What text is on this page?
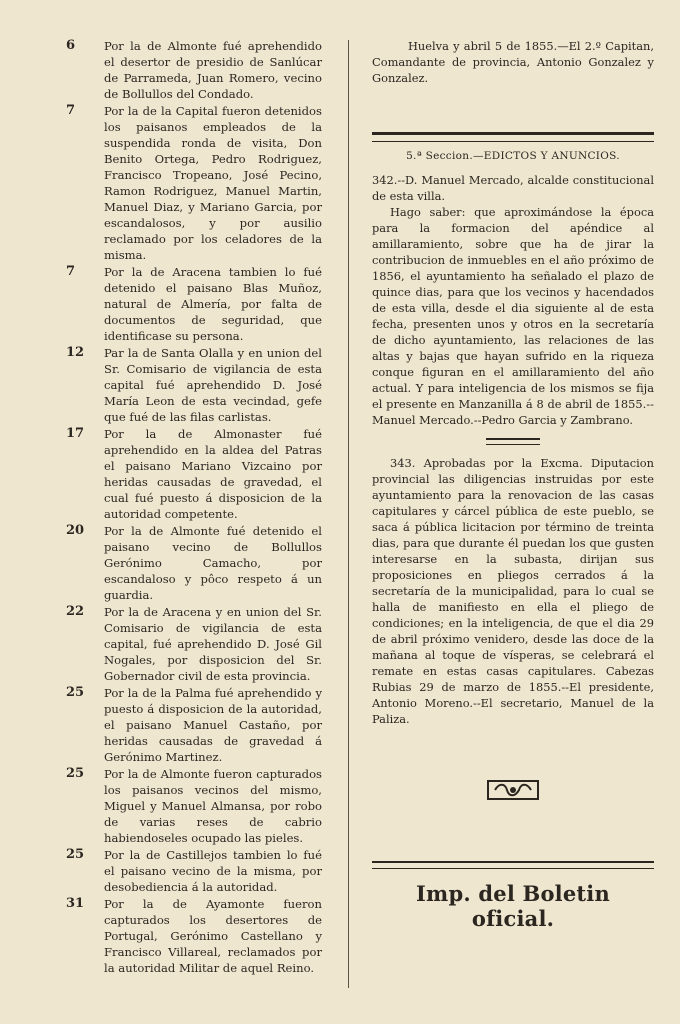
6	Por la de Almonte fué aprehendido el desertor de presidio de Sanlúcar de Parrameda, Juan Romero, vecino de Bollullos del Condado.
7	Por la de la Capital fueron detenidos los paisanos empleados de la suspendida ronda de visita, Don Benito Ortega, Pedro Rodriguez, Francisco Tropeano, José Pecino, Ramon Rodriguez, Manuel Martin, Manuel Diaz, y Mariano Garcia, por escandalosos, y por ausilio reclamado por los celadores de la misma.
7	Por la de Aracena tambien lo fué detenido el paisano Blas Muñoz, natural de Almería, por falta de documentos de seguridad, que identificase su persona.
12	Par la de Santa Olalla y en union del Sr. Comisario de vigilancia de esta capital fué aprehendido D. José María Leon de esta vecindad, gefe que fué de las filas carlistas.
17	Por la de Almonaster fué aprehendido en la aldea del Patras el paisano Mariano Vizcaino por heridas causadas de gravedad, el cual fué puesto á disposicion de la autoridad competente.
20	Por la de Almonte fué detenido el paisano vecino de Bollullos Gerónimo Camacho, por escandaloso y pôco respeto á un guardia.
22	Por la de Aracena y en union del Sr. Comisario de vigilancia de esta capital, fué aprehendido D. José Gil Nogales, por disposicion del Sr. Gobernador civil de esta provincia.
25	Por la de la Palma fué aprehendido y puesto á disposicion de la autoridad, el paisano Manuel Castaño, por heridas causadas de gravedad á Gerónimo Martinez.
25	Por la de Almonte fueron capturados los paisanos vecinos del mismo, Miguel y Manuel Almansa, por robo de varias reses de cabrio habiendoseles ocupado las pieles.
25	Por la de Castillejos tambien lo fué el paisano vecino de la misma, por desobediencia á la autoridad.
31	Por la de Ayamonte fueron capturados los desertores de Portugal, Gerónimo Castellano y Francisco Villareal, reclamados por la autoridad Militar de aquel Reino.

Huelva y abril 5 de 1855.—El 2.º Capitan, Comandante de provincia, Antonio Gonzalez y Gonzalez.

5.ª Seccion.—EDICTOS Y ANUNCIOS.

342.--D. Manuel Mercado, alcalde constitucional de esta villa.

Hago saber: que aproximándose la época para la formacion del apéndice al amillaramiento, sobre que ha de jirar la contribucion de inmuebles en el año próximo de 1856, el ayuntamiento ha señalado el plazo de quince dias, para que los vecinos y hacendados de esta villa, desde el dia siguiente al de esta fecha, presenten unos y otros en la secretaría de dicho ayuntamiento, las relaciones de las altas y bajas que hayan sufrido en la riqueza conque figuran en el amillaramiento del año actual. Y para inteligencia de los mismos se fija el presente en Manzanilla á 8 de abril de 1855.--Manuel Mercado.--Pedro Garcia y Zambrano.

343. Aprobadas por la Excma. Diputacion provincial las diligencias instruidas por este ayuntamiento para la renovacion de las casas capitulares y cárcel pública de este pueblo, se saca á pública licitacion por término de treinta dias, para que durante él puedan los que gusten interesarse en la subasta, dirijan sus proposiciones en pliegos cerrados á la secretaría de la municipalidad, para lo cual se halla de manifiesto en ella el pliego de condiciones; en la inteligencia, de que el dia 29 de abril próximo venidero, desde las doce de la mañana al toque de vísperas, se celebrará el remate en estas casas capitulares. Cabezas Rubias 29 de marzo de 1855.--El presidente, Antonio Moreno.--El secretario, Manuel de la Paliza.

Imp. del Boletin oficial.
